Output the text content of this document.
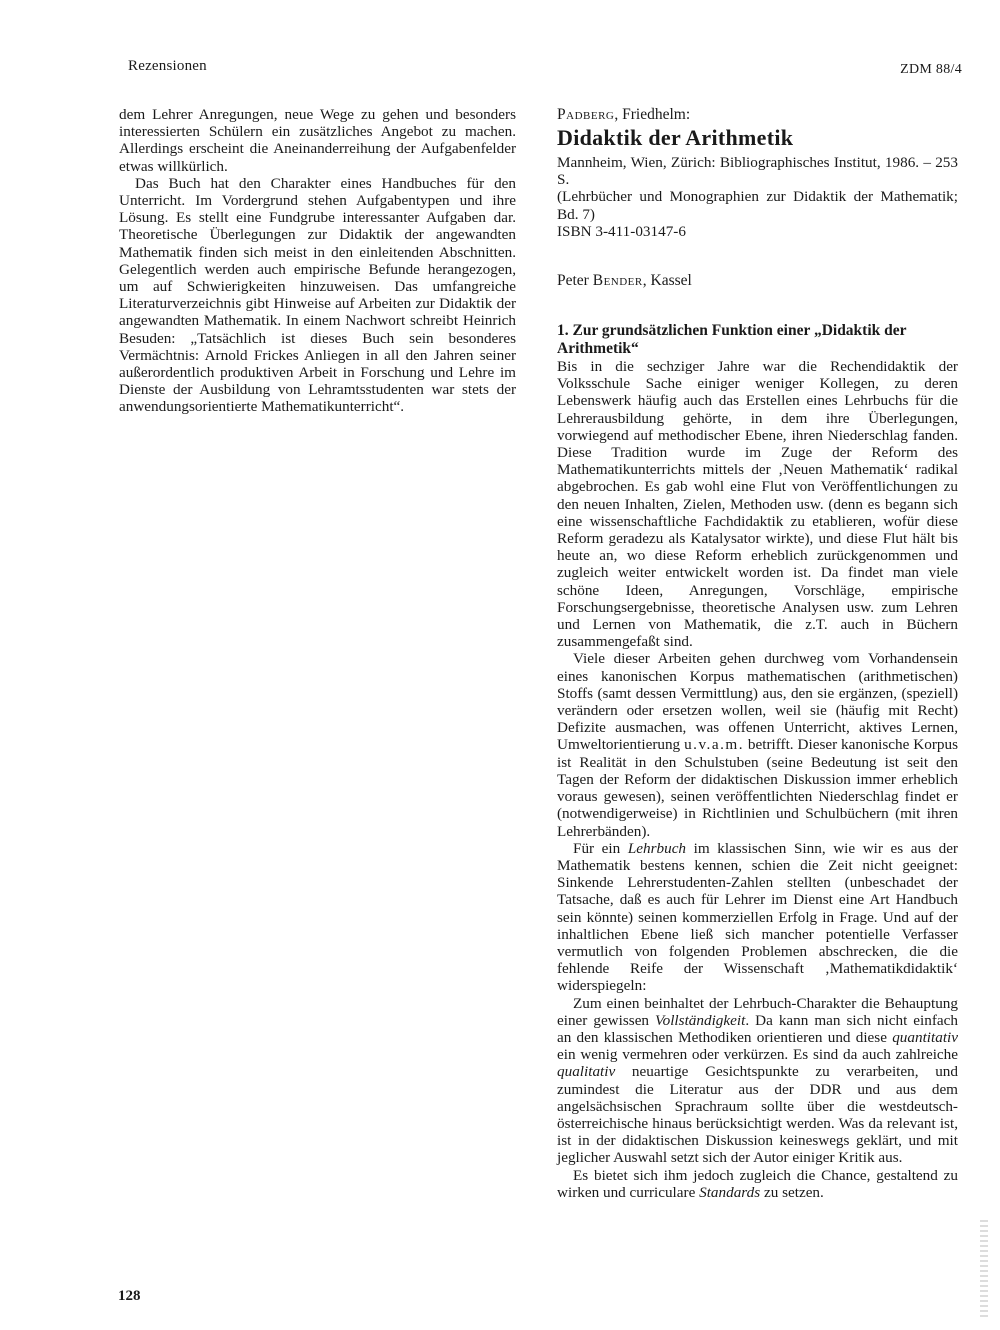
Rezensionen	ZDM 88/4

dem Lehrer Anregungen, neue Wege zu gehen und besonders interessierten Schülern ein zusätzliches Angebot zu machen. Allerdings erscheint die Aneinanderreihung der Aufgabenfelder etwas willkürlich.

Das Buch hat den Charakter eines Handbuches für den Unterricht. Im Vordergrund stehen Aufgabentypen und ihre Lösung. Es stellt eine Fundgrube interessanter Aufgaben dar. Theoretische Überlegungen zur Didaktik der angewandten Mathematik finden sich meist in den einleitenden Abschnitten. Gelegentlich werden auch empirische Befunde herangezogen, um auf Schwierigkeiten hinzuweisen. Das umfangreiche Literaturverzeichnis gibt Hinweise auf Arbeiten zur Didaktik der angewandten Mathematik. In einem Nachwort schreibt Heinrich Besuden: „Tatsächlich ist dieses Buch sein besonderes Vermächtnis: Arnold Frickes Anliegen in all den Jahren seiner außerordentlich produktiven Arbeit in Forschung und Lehre im Dienste der Ausbildung von Lehramtsstudenten war stets der anwendungsorientierte Mathematikunterricht“.

Padberg, Friedhelm:
Didaktik der Arithmetik
Mannheim, Wien, Zürich: Bibliographisches Institut, 1986. – 253 S.
(Lehrbücher und Monographien zur Didaktik der Mathematik; Bd. 7)
ISBN 3-411-03147-6
Peter Bender, Kassel
1. Zur grundsätzlichen Funktion einer „Didaktik der Arithmetik“

Bis in die sechziger Jahre war die Rechendidaktik der Volksschule Sache einiger weniger Kollegen, zu deren Lebenswerk häufig auch das Erstellen eines Lehrbuchs für die Lehrerausbildung gehörte, in dem ihre Überlegungen, vorwiegend auf methodischer Ebene, ihren Niederschlag fanden. Diese Tradition wurde im Zuge der Reform des Mathematikunterrichts mittels der ‚Neuen Mathematik‘ radikal abgebrochen. Es gab wohl eine Flut von Veröffentlichungen zu den neuen Inhalten, Zielen, Methoden usw. (denn es begann sich eine wissenschaftliche Fachdidaktik zu etablieren, wofür diese Reform geradezu als Katalysator wirkte), und diese Flut hält bis heute an, wo diese Reform erheblich zurückgenommen und zugleich weiter entwickelt worden ist. Da findet man viele schöne Ideen, Anregungen, Vorschläge, empirische Forschungsergebnisse, theoretische Analysen usw. zum Lehren und Lernen von Mathematik, die z.T. auch in Büchern zusammengefaßt sind.

Viele dieser Arbeiten gehen durchweg vom Vorhandensein eines kanonischen Korpus mathematischen (arithmetischen) Stoffs (samt dessen Vermittlung) aus, den sie ergänzen, (speziell) verändern oder ersetzen wollen, weil sie (häufig mit Recht) Defizite ausmachen, was offenen Unterricht, aktives Lernen, Umweltorientierung u.v.a.m. betrifft. Dieser kanonische Korpus ist Realität in den Schulstuben (seine Bedeutung ist seit den Tagen der Reform der didaktischen Diskussion immer erheblich voraus gewesen), seinen veröffentlichten Niederschlag findet er (notwendigerweise) in Richtlinien und Schulbüchern (mit ihren Lehrerbänden).

Für ein Lehrbuch im klassischen Sinn, wie wir es aus der Mathematik bestens kennen, schien die Zeit nicht geeignet: Sinkende Lehrerstudenten-Zahlen stellten (unbeschadet der Tatsache, daß es auch für Lehrer im Dienst eine Art Handbuch sein könnte) seinen kommerziellen Erfolg in Frage. Und auf der inhaltlichen Ebene ließ sich mancher potentielle Verfasser vermutlich von folgenden Problemen abschrecken, die die fehlende Reife der Wissenschaft ‚Mathematikdidaktik‘ widerspiegeln:

Zum einen beinhaltet der Lehrbuch-Charakter die Behauptung einer gewissen Vollständigkeit. Da kann man sich nicht einfach an den klassischen Methodiken orientieren und diese quantitativ ein wenig vermehren oder verkürzen. Es sind da auch zahlreiche qualitativ neuartige Gesichtspunkte zu verarbeiten, und zumindest die Literatur aus der DDR und aus dem angelsächsischen Sprachraum sollte über die westdeutsch-österreichische hinaus berücksichtigt werden. Was da relevant ist, ist in der didaktischen Diskussion keineswegs geklärt, und mit jeglicher Auswahl setzt sich der Autor einiger Kritik aus.

Es bietet sich ihm jedoch zugleich die Chance, gestaltend zu wirken und curriculare Standards zu setzen.

128
